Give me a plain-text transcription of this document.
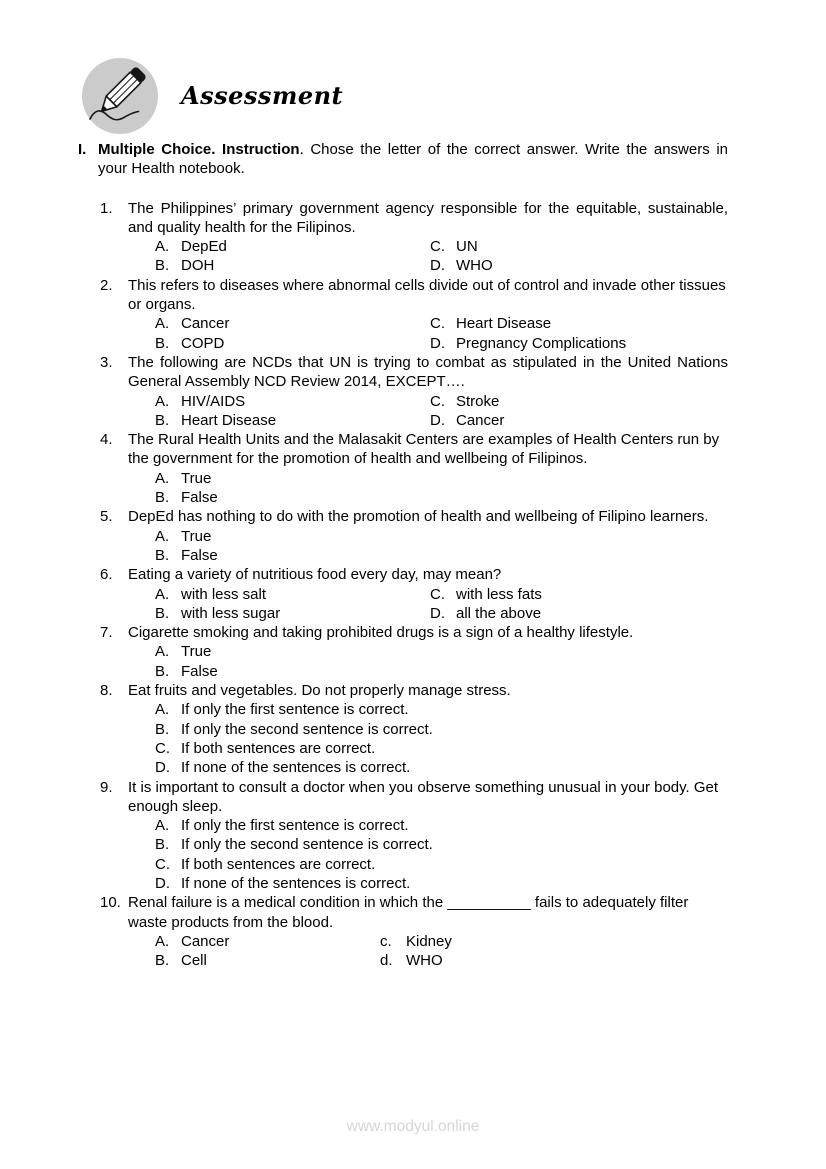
Assessment

I. Multiple Choice. Instruction. Chose the letter of the correct answer. Write the answers in your Health notebook.

1.	The Philippines’ primary government agency responsible for the equitable, sustainable, and quality health for the Filipinos.
A. DepEd
B. DOH
C. UN
D. WHO
2.	This refers to diseases where abnormal cells divide out of control and invade other tissues or organs.
A. Cancer
B. COPD
C. Heart Disease
D. Pregnancy Complications
3.	The following are NCDs that UN is trying to combat as stipulated in the United Nations General Assembly NCD Review 2014, EXCEPT….
A. HIV/AIDS
B. Heart Disease
C. Stroke
D. Cancer
4.	The Rural Health Units and the Malasakit Centers are examples of Health Centers run by the government for the promotion of health and wellbeing of Filipinos.
A. True
B. False
5.	DepEd has nothing to do with the promotion of health and wellbeing of Filipino learners.
A. True
B. False
6.	Eating a variety of nutritious food every day, may mean?
A. with less salt
B. with less sugar
C. with less fats
D. all the above
7.	Cigarette smoking and taking prohibited drugs is a sign of a healthy lifestyle.
A. True
B. False
8.	Eat fruits and vegetables. Do not properly manage stress.
A. If only the first sentence is correct.
B. If only the second sentence is correct.
C. If both sentences are correct.
D. If none of the sentences is correct.
9.	It is important to consult a doctor when you observe something unusual in your body. Get enough sleep.
A. If only the first sentence is correct.
B. If only the second sentence is correct.
C. If both sentences are correct.
D. If none of the sentences is correct.
10. Renal failure is a medical condition in which the __________ fails to adequately filter waste products from the blood.
A. Cancer
B. Cell
c. Kidney
d. WHO
www.modyul.online
